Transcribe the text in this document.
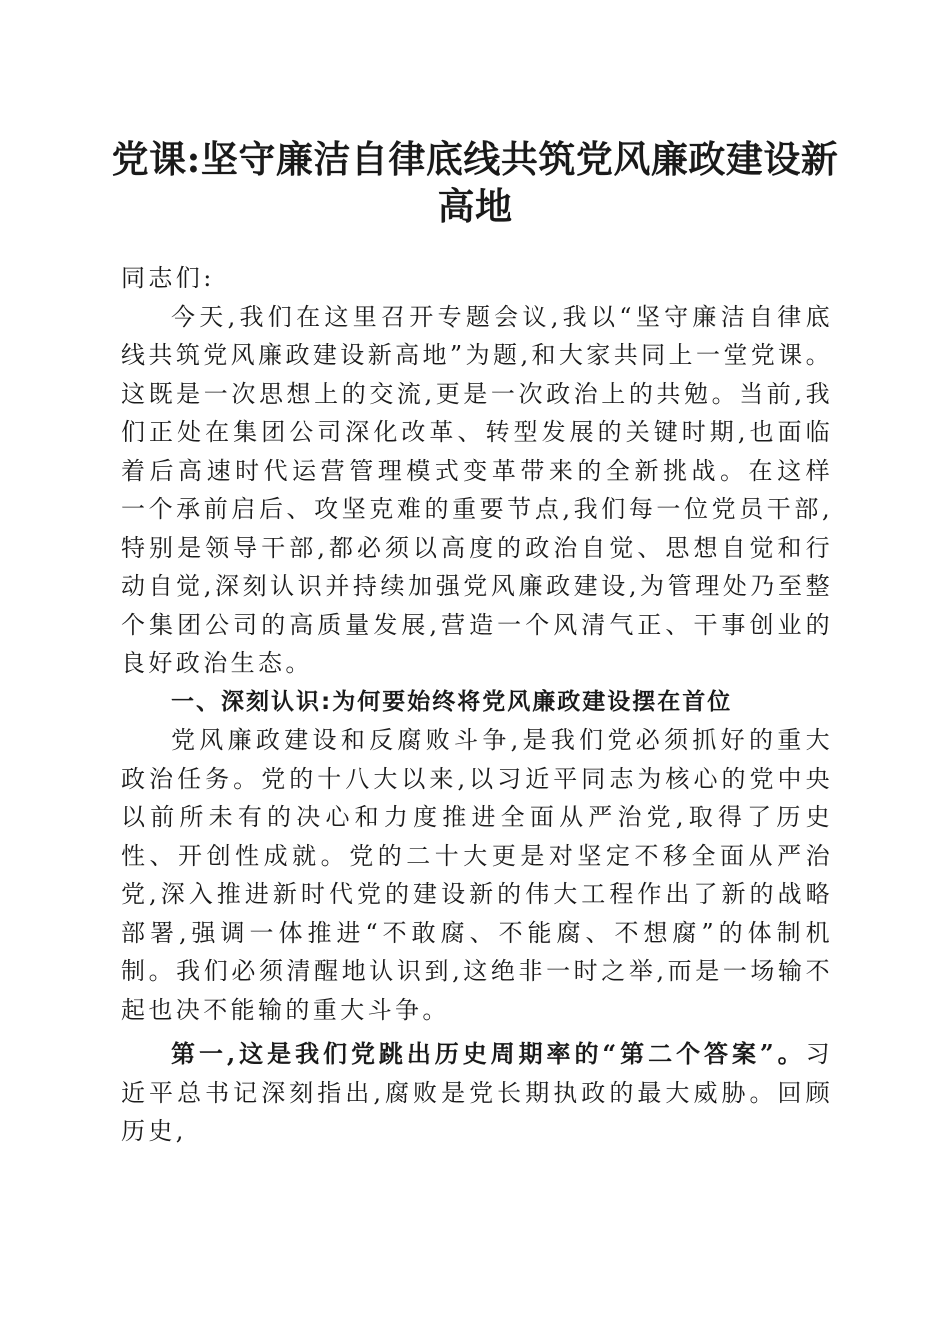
党课:坚守廉洁自律底线共筑党风廉政建设新
高地

同志们:

今天,我们在这里召开专题会议,我以“坚守廉洁自律底线共筑党风廉政建设新高地”为题,和大家共同上一堂党课。这既是一次思想上的交流,更是一次政治上的共勉。当前,我们正处在集团公司深化改革、转型发展的关键时期,也面临着后高速时代运营管理模式变革带来的全新挑战。在这样一个承前启后、攻坚克难的重要节点,我们每一位党员干部,特别是领导干部,都必须以高度的政治自觉、思想自觉和行动自觉,深刻认识并持续加强党风廉政建设,为管理处乃至整个集团公司的高质量发展,营造一个风清气正、干事创业的良好政治生态。

一、深刻认识:为何要始终将党风廉政建设摆在首位

党风廉政建设和反腐败斗争,是我们党必须抓好的重大政治任务。党的十八大以来,以习近平同志为核心的党中央以前所未有的决心和力度推进全面从严治党,取得了历史性、开创性成就。党的二十大更是对坚定不移全面从严治党,深入推进新时代党的建设新的伟大工程作出了新的战略部署,强调一体推进“不敢腐、不能腐、不想腐”的体制机制。我们必须清醒地认识到,这绝非一时之举,而是一场输不起也决不能输的重大斗争。

第一,这是我们党跳出历史周期率的“第二个答案”。习近平总书记深刻指出,腐败是党长期执政的最大威胁。回顾历史,
